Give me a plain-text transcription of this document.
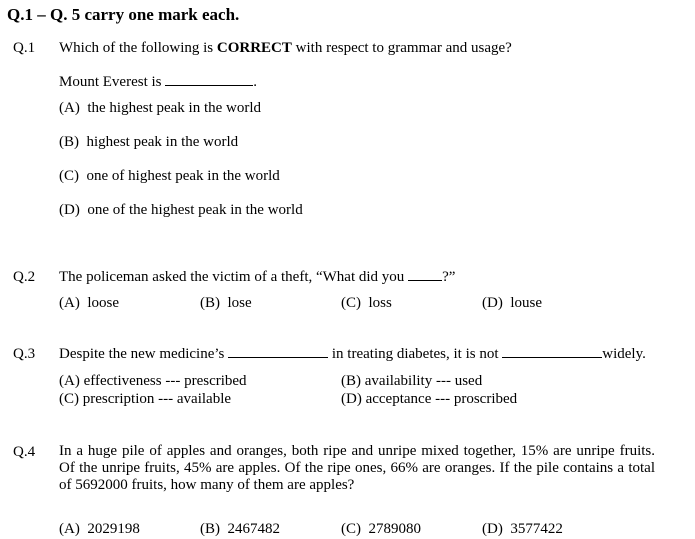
Q.1 – Q. 5 carry one mark each.
Q.1 Which of the following is CORRECT with respect to grammar and usage?
Mount Everest is	.
(A) the highest peak in the world
(B) highest peak in the world
(C) one of highest peak in the world
(D) one of the highest peak in the world
Q.2 The policeman asked the victim of a theft, “What did you ?”
(A) loose	(B) lose	(C) loss	(D) louse
Q.3 Despite the new medicine’s	in treating diabetes, it is not	widely.
(A) effectiveness --- prescribed	(B) availability --- used
(C) prescription --- available	(D) acceptance --- proscribed
Q.4 In a huge pile of apples and oranges, both ripe and unripe mixed together, 15% are unripe fruits. Of the unripe fruits, 45% are apples. Of the ripe ones, 66% are oranges. If the pile contains a total of 5692000 fruits, how many of them are apples?
(A) 2029198	(B) 2467482	(C) 2789080	(D) 3577422
